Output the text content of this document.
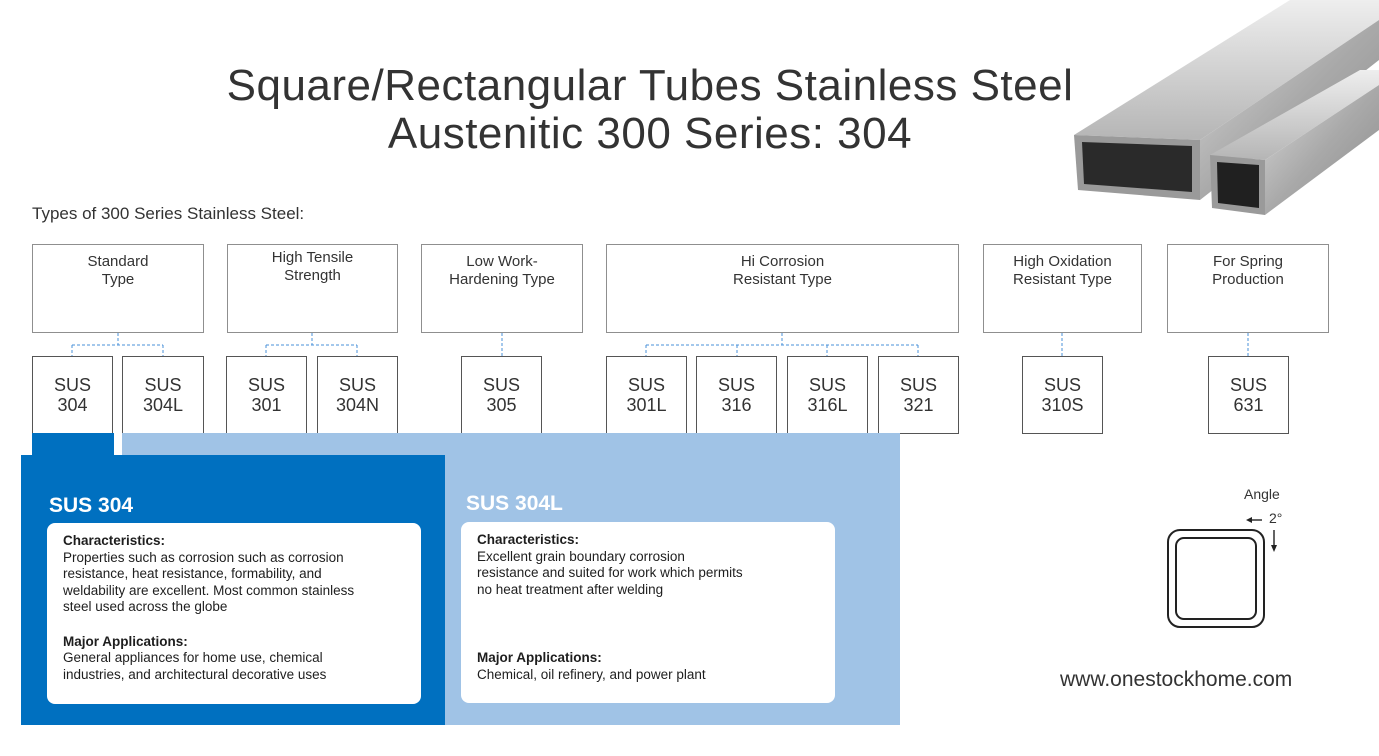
Square/Rectangular Tubes Stainless Steel
Austenitic 300 Series: 304
Types of 300 Series Stainless Steel:
Standard
Type
High Tensile
Strength
Low Work-
Hardening Type
Hi Corrosion
Resistant Type
High Oxidation
Resistant Type
For Spring
Production
SUS
304
SUS
304L
SUS
301
SUS
304N
SUS
305
SUS
301L
SUS
316
SUS
316L
SUS
321
SUS
310S
SUS
631
SUS 304	SUS 304L
Characteristics:

Properties such as corrosion such as corrosion resistance, heat resistance, formability, and weldability are excellent. Most common stainless steel used across the globe

Major Applications:

General appliances for home use, chemical industries, and architectural decorative uses

Characteristics:

Excellent grain boundary corrosion resistance and suited for work which permits no heat treatment after welding

Major Applications:

Chemical, oil refinery, and power plant

Angle
2°
www.onestockhome.com
